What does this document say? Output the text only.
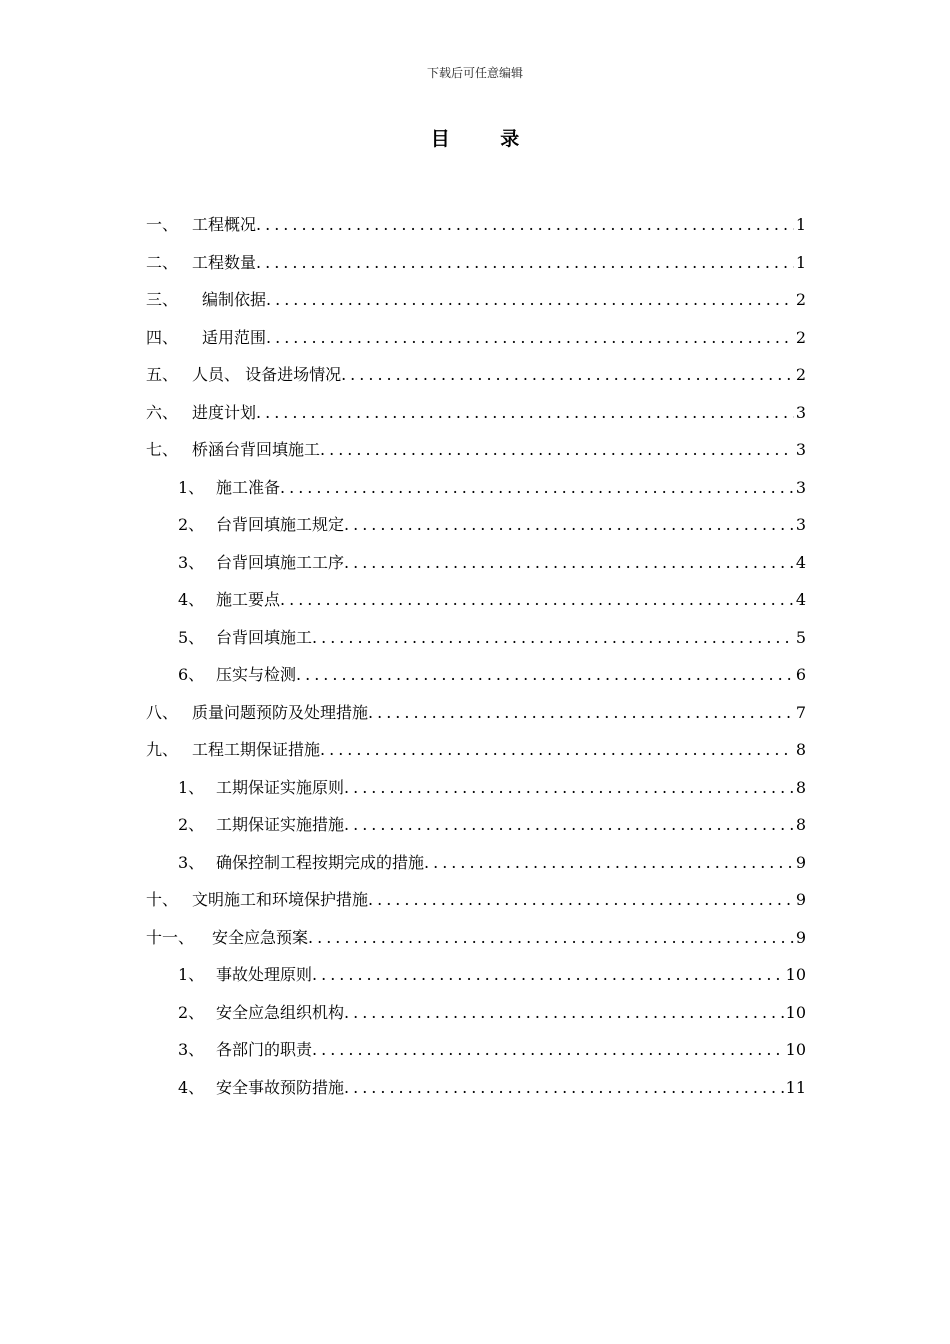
下载后可任意编辑
目 录
一、 工程概况 .....	1
二、 工程数量 .....	1
三、	编制依据 .....	2
四、	适用范围 .....	2
五、 人员、 设备进场情况 .....	2
六、 进度计划 .....	3
七、 桥涵台背回填施工 .....	3
1、 施工准备 .....	3
2、 台背回填施工规定 .....	3
3、 台背回填施工工序 .....	4
4、 施工要点 .....	4
5、 台背回填施工 .....	5
6、 压实与检测 .....	6
八、 质量问题预防及处理措施 .....	7
九、 工程工期保证措施 .....	8
1、 工期保证实施原则 .....	8
2、 工期保证实施措施 .....	8
3、 确保控制工程按期完成的措施 .....	9
十、 文明施工和环境保护措施 .....	9
十一、	安全应急预案 .....	9
1、 事故处理原则 .....	10
2、 安全应急组织机构 .....	10
3、 各部门的职责 .....	10
4、 安全事故预防措施 .....	11
